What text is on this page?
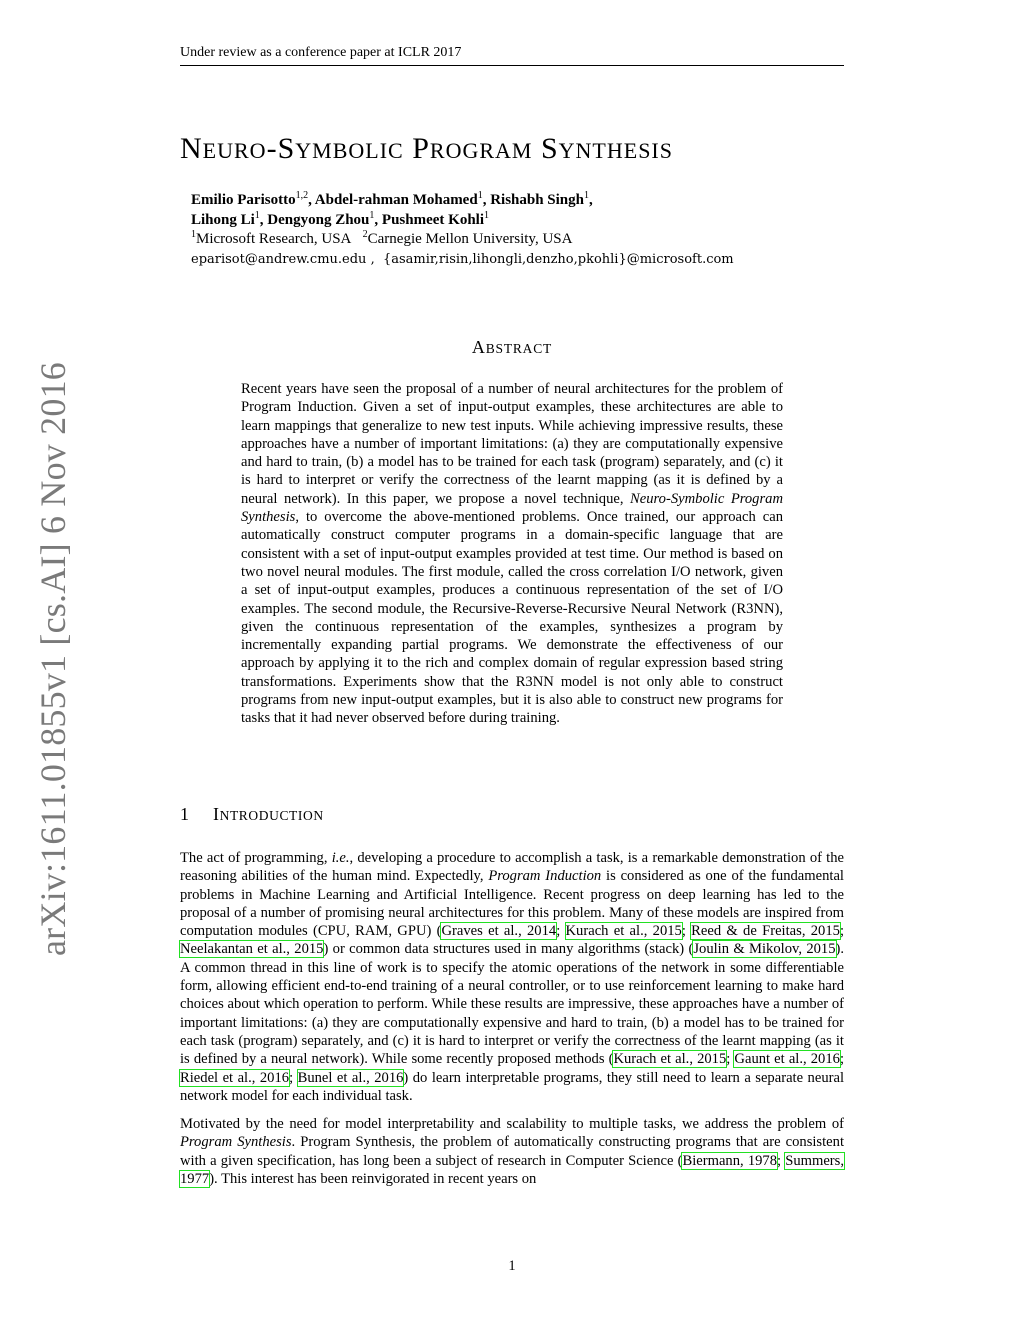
Under review as a conference paper at ICLR 2017
arXiv:1611.01855v1 [cs.AI] 6 Nov 2016
NEURO-SYMBOLIC PROGRAM SYNTHESIS
Emilio Parisotto$^{1,2}$, Abdel-rahman Mohamed$^1$, Rishabh Singh$^1$,
Lihong Li$^1$, Dengyong Zhou$^1$, Pushmeet Kohli$^1$
$^1$Microsoft Research, USA $^2$Carnegie Mellon University, USA
eparisot@andrew.cmu.edu ,  {asamir,risin,lihongli,denzho,pkohli}@microsoft.com
ABSTRACT
Recent years have seen the proposal of a number of neural architectures for the problem of Program Induction. Given a set of input-output examples, these architectures are able to learn mappings that generalize to new test inputs. While achieving impressive results, these approaches have a number of important limitations: (a) they are computationally expensive and hard to train, (b) a model has to be trained for each task (program) separately, and (c) it is hard to interpret or verify the correctness of the learnt mapping (as it is defined by a neural network). In this paper, we propose a novel technique, Neuro-Symbolic Program Synthesis, to overcome the above-mentioned problems. Once trained, our approach can automatically construct computer programs in a domain-specific language that are consistent with a set of input-output examples provided at test time. Our method is based on two novel neural modules. The first module, called the cross correlation I/O network, given a set of input-output examples, produces a continuous representation of the set of I/O examples. The second module, the Recursive-Reverse-Recursive Neural Network (R3NN), given the continuous representation of the examples, synthesizes a program by incrementally expanding partial programs. We demonstrate the effectiveness of our approach by applying it to the rich and complex domain of regular expression based string transformations. Experiments show that the R3NN model is not only able to construct programs from new input-output examples, but it is also able to construct new programs for tasks that it had never observed before during training.
1 INTRODUCTION

The act of programming, i.e., developing a procedure to accomplish a task, is a remarkable demonstration of the reasoning abilities of the human mind. Expectedly, Program Induction is considered as one of the fundamental problems in Machine Learning and Artificial Intelligence. Recent progress on deep learning has led to the proposal of a number of promising neural architectures for this problem. Many of these models are inspired from computation modules (CPU, RAM, GPU) (Graves et al., 2014; Kurach et al., 2015; Reed & de Freitas, 2015; Neelakantan et al., 2015) or common data structures used in many algorithms (stack) (Joulin & Mikolov, 2015). A common thread in this line of work is to specify the atomic operations of the network in some differentiable form, allowing efficient end-to-end training of a neural controller, or to use reinforcement learning to make hard choices about which operation to perform. While these results are impressive, these approaches have a number of important limitations: (a) they are computationally expensive and hard to train, (b) a model has to be trained for each task (program) separately, and (c) it is hard to interpret or verify the correctness of the learnt mapping (as it is defined by a neural network). While some recently proposed methods (Kurach et al., 2015; Gaunt et al., 2016; Riedel et al., 2016; Bunel et al., 2016) do learn interpretable programs, they still need to learn a separate neural network model for each individual task.

Motivated by the need for model interpretability and scalability to multiple tasks, we address the problem of Program Synthesis. Program Synthesis, the problem of automatically constructing programs that are consistent with a given specification, has long been a subject of research in Computer Science (Biermann, 1978; Summers, 1977). This interest has been reinvigorated in recent years on

1
